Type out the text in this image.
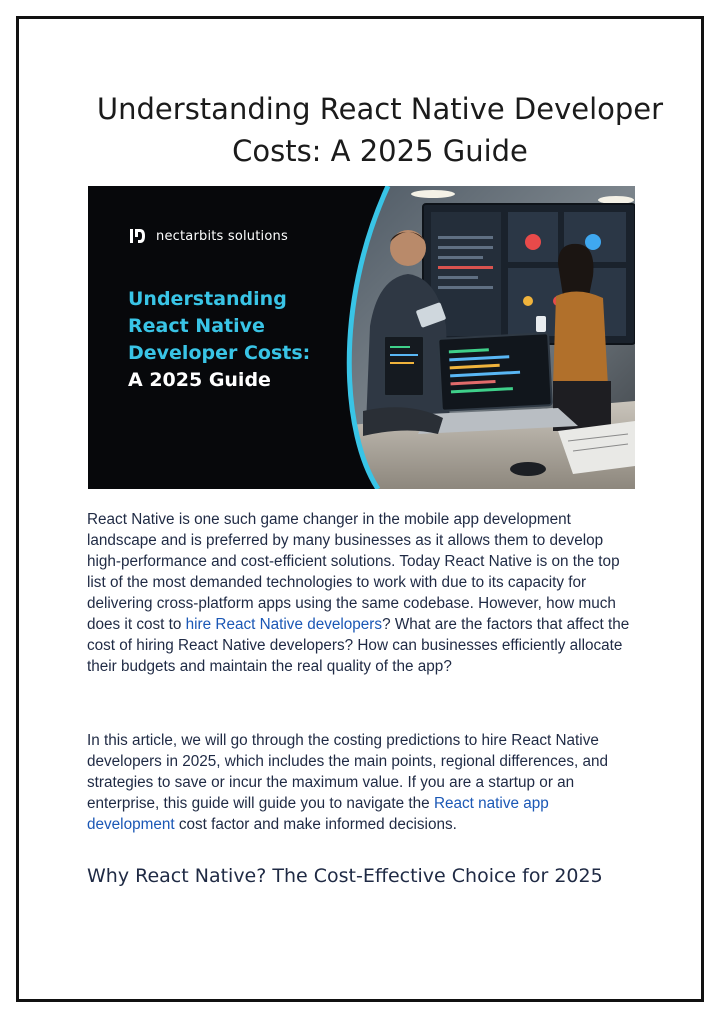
Understanding React Native Developer
Costs: A 2025 Guide
nectarbits solutions
Understanding
React Native
Developer Costs:
A 2025 Guide

React Native is one such game changer in the mobile app development landscape and is preferred by many businesses as it allows them to develop high-performance and cost-efficient solutions. Today React Native is on the top list of the most demanded technologies to work with due to its capacity for delivering cross-platform apps using the same codebase. However, how much does it cost to hire React Native developers? What are the factors that affect the cost of hiring React Native developers? How can businesses efficiently allocate their budgets and maintain the real quality of the app?

In this article, we will go through the costing predictions to hire React Native developers in 2025, which includes the main points, regional differences, and strategies to save or incur the maximum value. If you are a startup or an enterprise, this guide will guide you to navigate the React native app development cost factor and make informed decisions.

Why React Native? The Cost-Effective Choice for 2025
